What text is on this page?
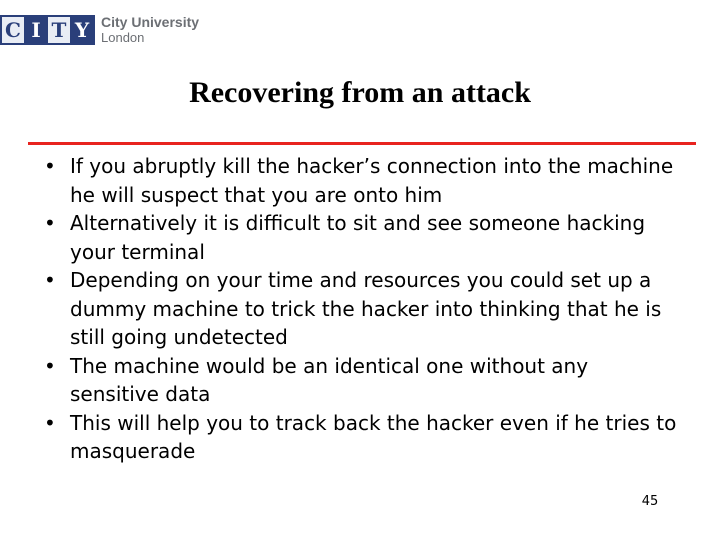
C I T Y City University
London
Recovering from an attack
• If you abruptly kill the hacker’s connection into the machine he will suspect that you are onto him
• Alternatively it is difficult to sit and see someone hacking your terminal
• Depending on your time and resources you could set up a dummy machine to trick the hacker into thinking that he is still going undetected
• The machine would be an identical one without any sensitive data
• This will help you to track back the hacker even if he tries to masquerade
45
